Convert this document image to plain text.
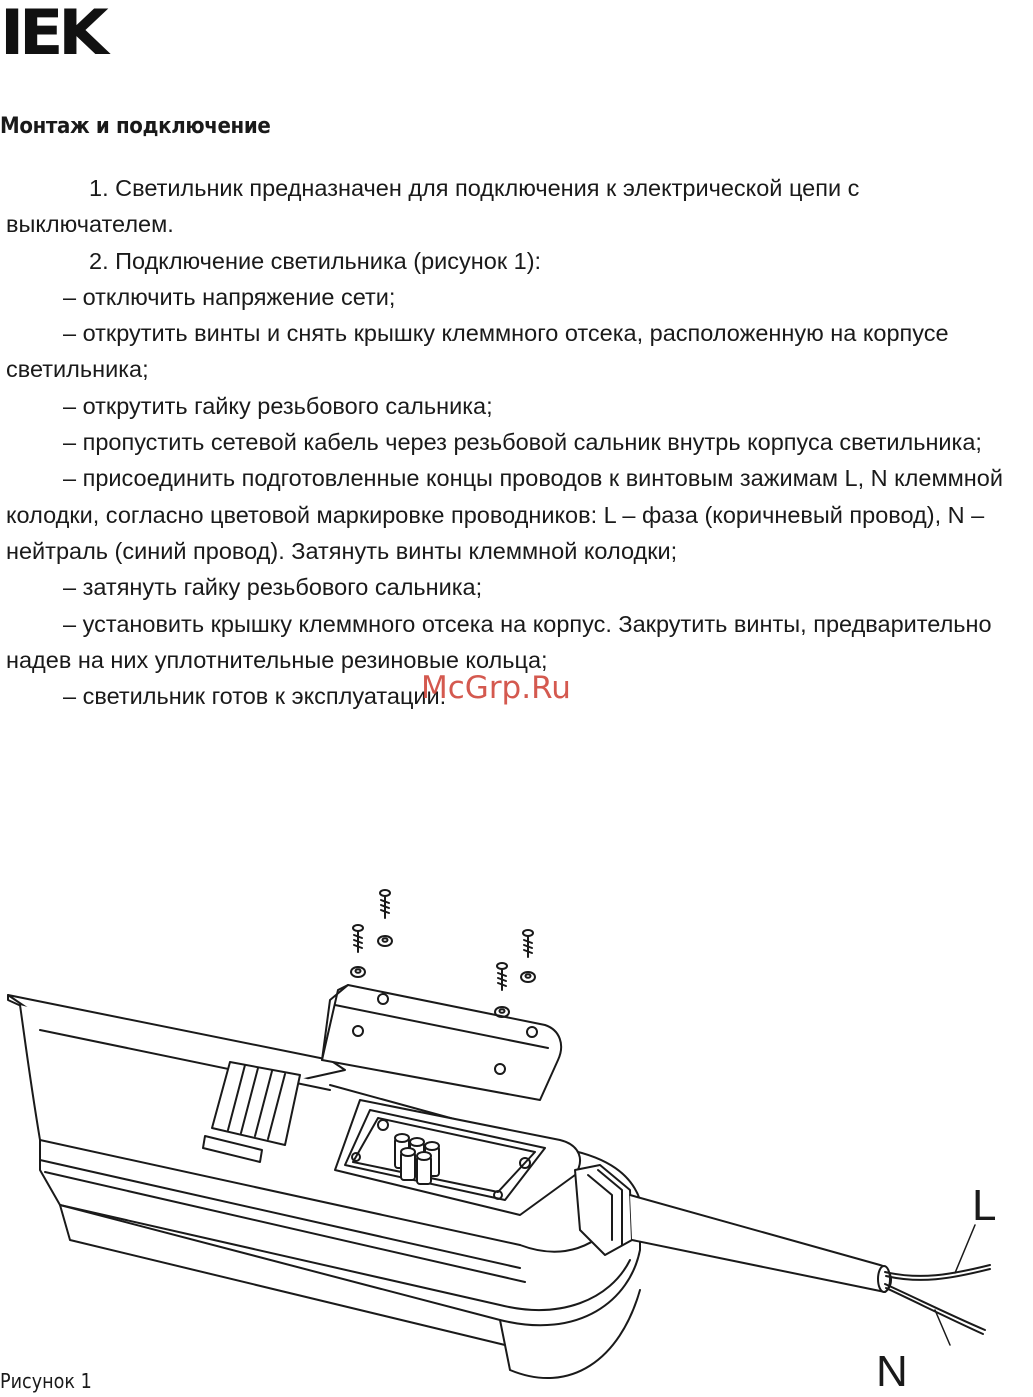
IEK
Монтаж и подключение

1. Светильник предназначен для подключения к электрической цепи с выключателем.

2. Подключение светильника (рисунок 1):

– отключить напряжение сети;

– открутить винты и снять крышку клеммного отсека, расположенную на корпусе светильника;

– открутить гайку резьбового сальника;

– пропустить сетевой кабель через резьбовой сальник внутрь корпуса светильника;

– присоединить подготовленные концы проводов к винтовым зажимам L, N клеммной колодки, согласно цветовой маркировке проводников: L – фаза (коричневый провод), N – нейтраль (синий провод). Затянуть винты клеммной колодки;

– затянуть гайку резьбового сальника;

– установить крышку клеммного отсека на корпус. Закрутить винты, предварительно надев на них уплотнительные резиновые кольца;

– светильник готов к эксплуатации.

McGrp.Ru
L
N
Рисунок 1
